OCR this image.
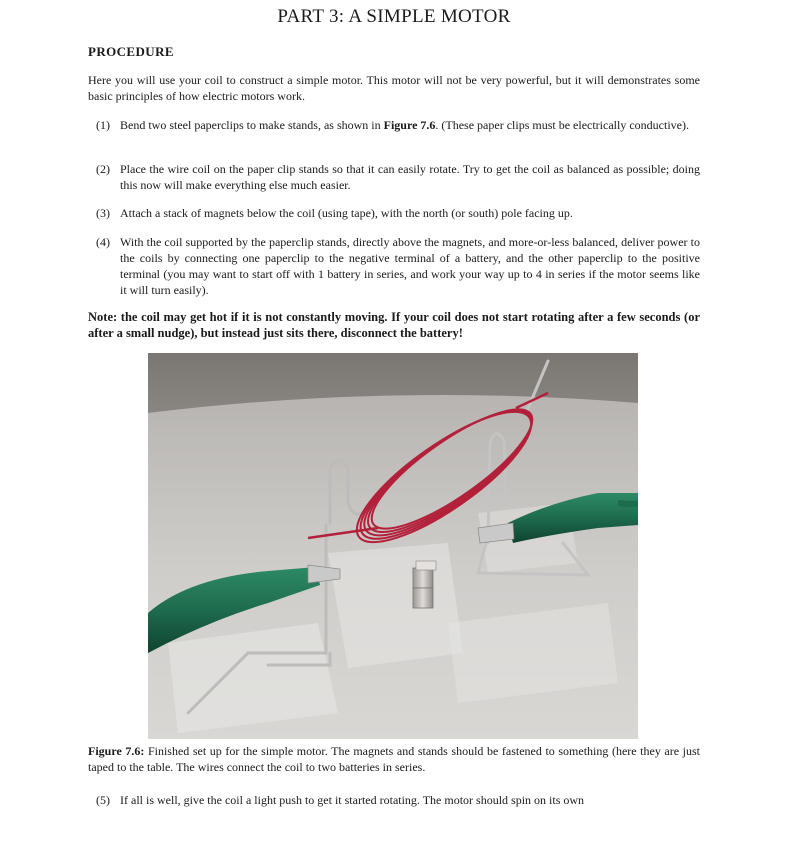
PART 3: A SIMPLE MOTOR
PROCEDURE
Here you will use your coil to construct a simple motor. This motor will not be very powerful, but it will demonstrates some basic principles of how electric motors work.
(1) Bend two steel paperclips to make stands, as shown in Figure 7.6. (These paper clips must be electrically conductive).
(2) Place the wire coil on the paper clip stands so that it can easily rotate. Try to get the coil as balanced as possible; doing this now will make everything else much easier.
(3) Attach a stack of magnets below the coil (using tape), with the north (or south) pole facing up.
(4) With the coil supported by the paperclip stands, directly above the magnets, and more-or-less balanced, deliver power to the coils by connecting one paperclip to the negative terminal of a battery, and the other paperclip to the positive terminal (you may want to start off with 1 battery in series, and work your way up to 4 in series if the motor seems like it will turn easily).
Note: the coil may get hot if it is not constantly moving. If your coil does not start rotating after a few seconds (or after a small nudge), but instead just sits there, disconnect the battery!
Figure 7.6: Finished set up for the simple motor. The magnets and stands should be fastened to something (here they are just taped to the table. The wires connect the coil to two batteries in series.
(5) If all is well, give the coil a light push to get it started rotating. The motor should spin on its own
